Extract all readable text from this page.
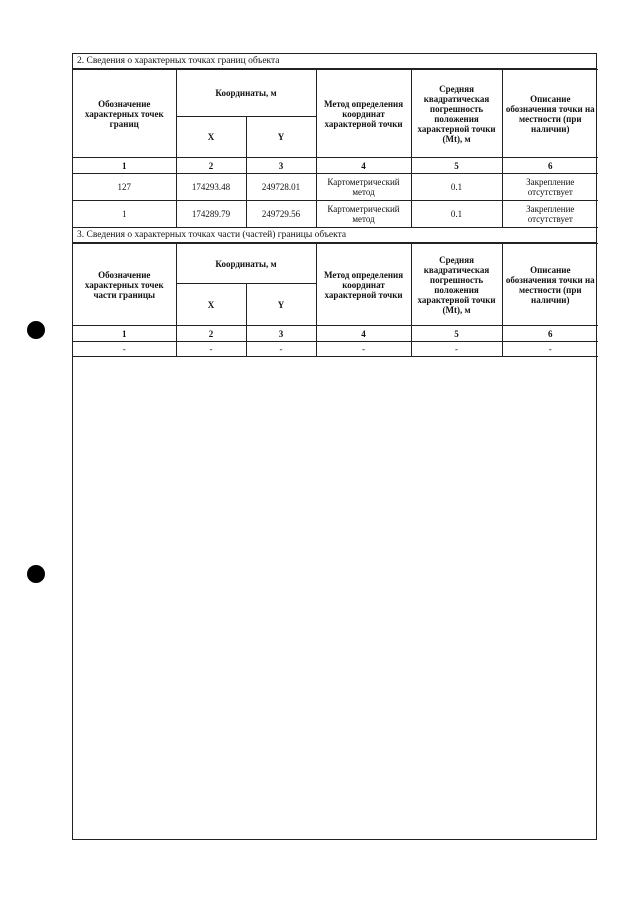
2. Сведения о характерных точках границ объекта
Обозначение характерных точек границ	Координаты, м		Метод определения координат характерной точки	Средняя квадратическая погрешность положения характерной точки (Mt), м	Описание обозначения точки на местности (при наличии)
	X	Y			
1	2	3	4	5	6
127	174293.48	249728.01	Картометрический метод	0.1	Закрепление отсутствует
1	174289.79	249729.56	Картометрический метод	0.1	Закрепление отсутствует
3. Сведения о характерных точках части (частей) границы объекта
Обозначение характерных точек части границы	Координаты, м		Метод определения координат характерной точки	Средняя квадратическая погрешность положения характерной точки (Mt), м	Описание обозначения точки на местности (при наличии)
	X	Y			
1	2	3	4	5	6
-	-	-	-	-	-
